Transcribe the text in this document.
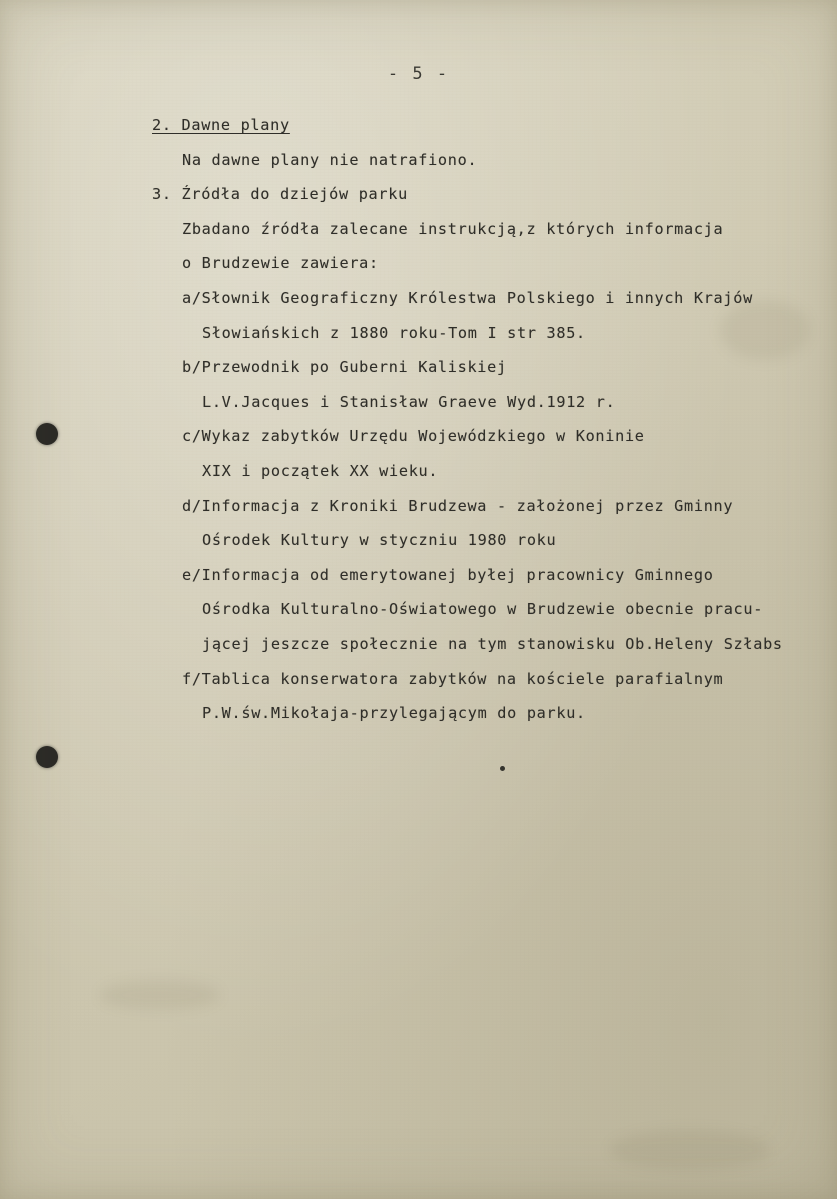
- 5 -
2. Dawne plany
Na dawne plany nie natrafiono.
3. Źródła do dziejów parku
Zbadano źródła zalecane instrukcją,z których informacja
o Brudzewie zawiera:
a/Słownik Geograficzny Królestwa Polskiego i innych Krajów
Słowiańskich z 1880 roku-Tom I str 385.
b/Przewodnik po Guberni Kaliskiej
L.V.Jacques i Stanisław Graeve Wyd.1912 r.
c/Wykaz zabytków Urzędu Wojewódzkiego w Koninie
XIX i początek XX wieku.
d/Informacja z Kroniki Brudzewa - założonej przez Gminny
Ośrodek Kultury w styczniu 1980 roku
e/Informacja od emerytowanej byłej pracownicy Gminnego
Ośrodka Kulturalno-Oświatowego w Brudzewie obecnie pracu-
jącej jeszcze społecznie na tym stanowisku Ob.Heleny Szłabs
f/Tablica konserwatora zabytków na kościele parafialnym
P.W.św.Mikołaja-przylegającym do parku.
